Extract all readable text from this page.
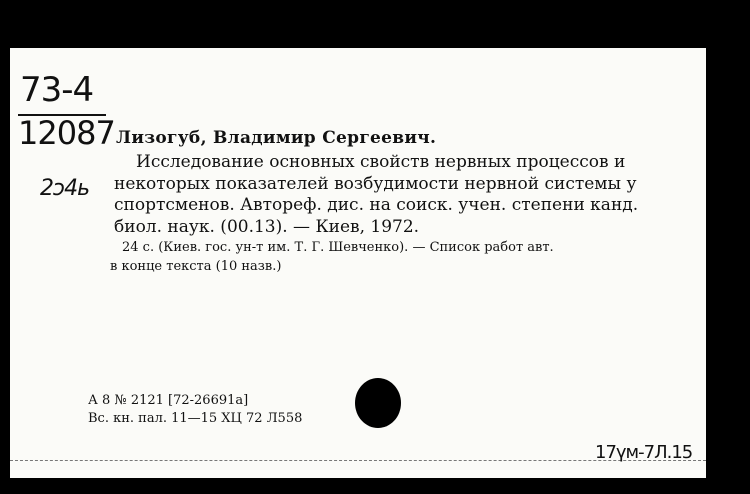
73-4
12087
2ↄ4ь
Лизогуб, Владимир Сергеевич.
Исследование основных свойств нервных процессов и
некоторых показателей возбудимости нервной системы у
спортсменов. Автореф. дис. на соиск. учен. степени канд.
биол. наук. (00.13). — Киев, 1972.
24 с. (Киев. гос. ун-т им. Т. Г. Шевченко). — Список работ авт.
в конце текста (10 назв.)
А 8 № 2121 [72-26691а]
Вс. кн. пал. 11—15 ХЦ 72 Л558
17үм-7Л.15
